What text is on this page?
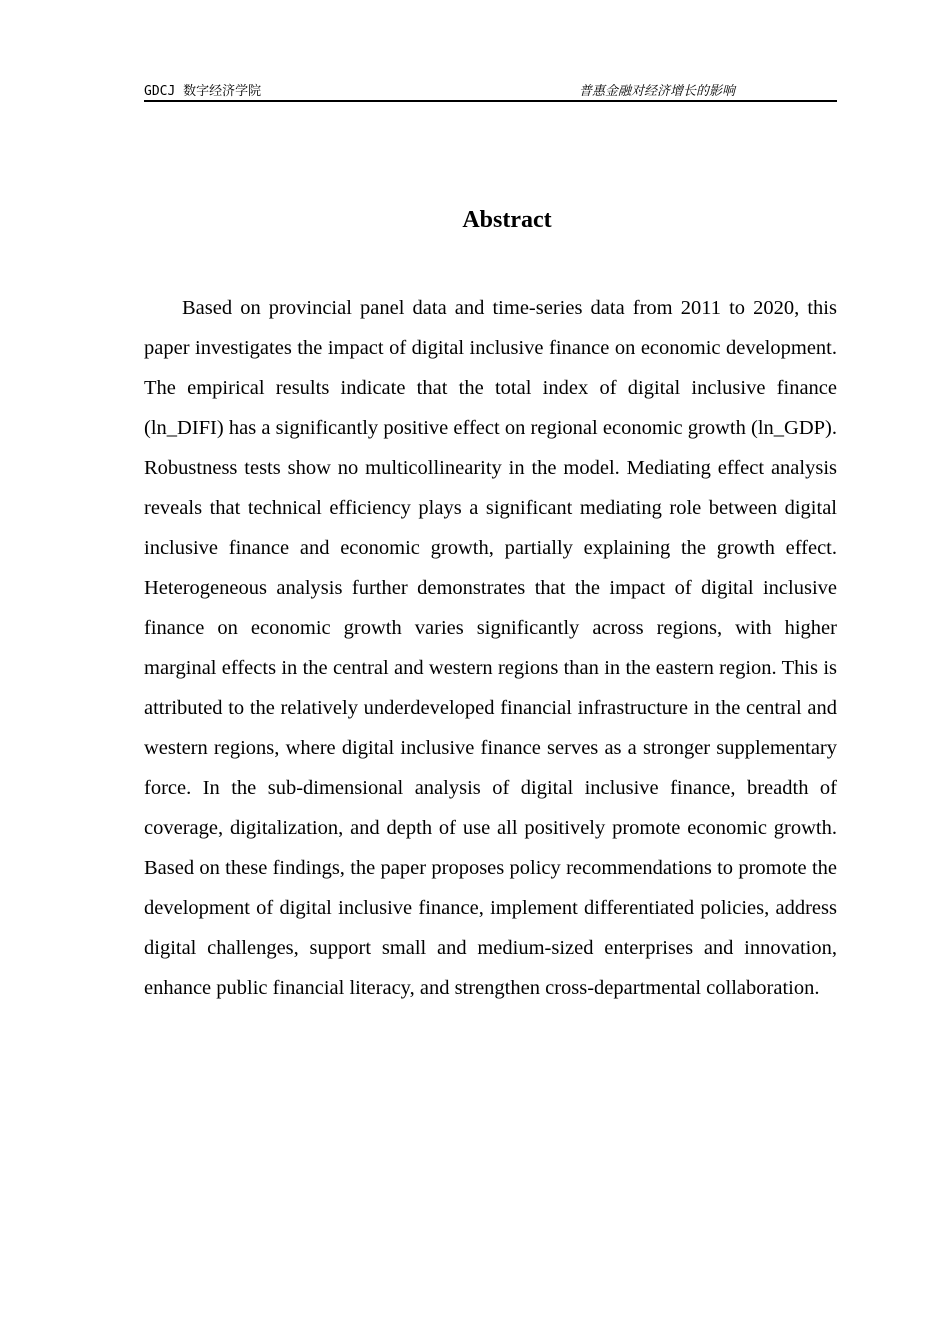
GDCJ 数字经济学院	普惠金融对经济增长的影响
Abstract

Based on provincial panel data and time-series data from 2011 to 2020, this paper investigates the impact of digital inclusive finance on economic development. The empirical results indicate that the total index of digital inclusive finance (ln_DIFI) has a significantly positive effect on regional economic growth (ln_GDP). Robustness tests show no multicollinearity in the model. Mediating effect analysis reveals that technical efficiency plays a significant mediating role between digital inclusive finance and economic growth, partially explaining the growth effect. Heterogeneous analysis further demonstrates that the impact of digital inclusive finance on economic growth varies significantly across regions, with higher marginal effects in the central and western regions than in the eastern region. This is attributed to the relatively underdeveloped financial infrastructure in the central and western regions, where digital inclusive finance serves as a stronger supplementary force. In the sub-dimensional analysis of digital inclusive finance, breadth of coverage, digitalization, and depth of use all positively promote economic growth. Based on these findings, the paper proposes policy recommendations to promote the development of digital inclusive finance, implement differentiated policies, address digital challenges, support small and medium-sized enterprises and innovation, enhance public financial literacy, and strengthen cross-departmental collaboration.
